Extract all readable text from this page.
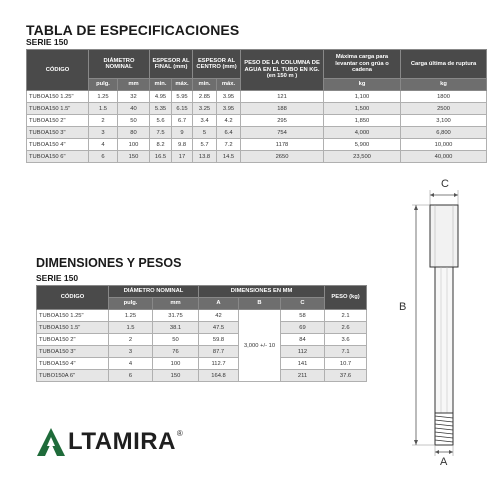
TABLA DE ESPECIFICACIONES
SERIE 150
CÓDIGO	DIÁMETRO NOMINAL		ESPESOR AL FINAL (mm)		ESPESOR AL CENTRO (mm)		PESO DE LA COLUMNA DE AGUA EN EL TUBO EN KG. (en 150 m )	Máxima carga para levantar con grúa o cadena	Carga última de ruptura
	pulg.	mm	min.	máx.	min.	máx.		kg	kg
TUBOA150 1.25"	1.25	32	4.95	5.95	2.85	3.95	121	1,100	1800
TUBOA150 1.5"	1.5	40	5.35	6.15	3.25	3.95	188	1,500	2500
TUBOA150 2"	2	50	5.6	6.7	3.4	4.2	295	1,850	3,100
TUBOA150 3"	3	80	7.5	9	5	6.4	754	4,000	6,800
TUBOA150 4"	4	100	8.2	9.8	5.7	7.2	1178	5,900	10,000
TUBOA150 6"	6	150	16.5	17	13.8	14.5	2650	23,500	40,000
DIMENSIONES Y PESOS
SERIE 150
CÓDIGO	DIÁMETRO NOMINAL		DIMENSIONES EN MM			PESO (kg)
	pulg.	mm	A	B	C	
TUBOA150 1.25"	1.25	31.75	42	3,000 +/- 10	58	2.1
TUBOA150 1.5"	1.5	38.1	47.5		69	2.6
TUBOA150 2"	2	50	59.8		84	3.6
TUBOA150 3"	3	76	87.7		112	7.1
TUBOA150 4"	4	100	112.7		141	10.7
TUBO150A 6"	6	150	164.8		211	37.6
LTAMIRA ®
C
B
A
